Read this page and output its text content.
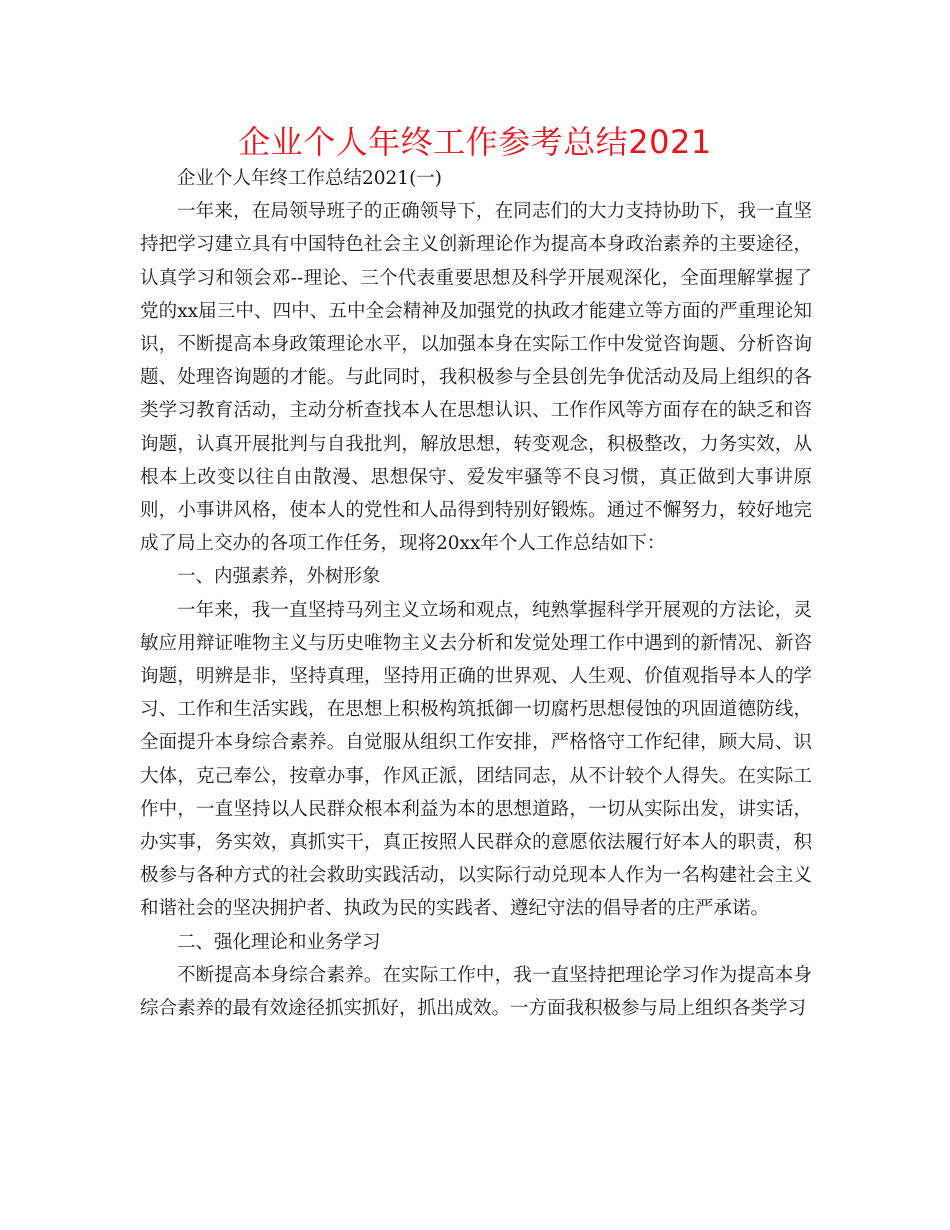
企业个人年终工作参考总结2021

企业个人年终工作总结2021(一)

一年来，在局领导班子的正确领导下，在同志们的大力支持协助下，我一直坚持把学习建立具有中国特色社会主义创新理论作为提高本身政治素养的主要途径，认真学习和领会邓--理论、三个代表重要思想及科学开展观深化，全面理解掌握了党的xx届三中、四中、五中全会精神及加强党的执政才能建立等方面的严重理论知识，不断提高本身政策理论水平，以加强本身在实际工作中发觉咨询题、分析咨询题、处理咨询题的才能。与此同时，我积极参与全县创先争优活动及局上组织的各类学习教育活动，主动分析查找本人在思想认识、工作作风等方面存在的缺乏和咨询题，认真开展批判与自我批判，解放思想，转变观念，积极整改，力务实效，从根本上改变以往自由散漫、思想保守、爱发牢骚等不良习惯，真正做到大事讲原则，小事讲风格，使本人的党性和人品得到特别好锻炼。通过不懈努力，较好地完成了局上交办的各项工作任务，现将20xx年个人工作总结如下：

一、内强素养，外树形象

一年来，我一直坚持马列主义立场和观点，纯熟掌握科学开展观的方法论，灵敏应用辩证唯物主义与历史唯物主义去分析和发觉处理工作中遇到的新情况、新咨询题，明辨是非，坚持真理，坚持用正确的世界观、人生观、价值观指导本人的学习、工作和生活实践，在思想上积极构筑抵御一切腐朽思想侵蚀的巩固道德防线，全面提升本身综合素养。自觉服从组织工作安排，严格恪守工作纪律，顾大局、识大体，克己奉公，按章办事，作风正派，团结同志，从不计较个人得失。在实际工作中，一直坚持以人民群众根本利益为本的思想道路，一切从实际出发，讲实话，办实事，务实效，真抓实干，真正按照人民群众的意愿依法履行好本人的职责，积极参与各种方式的社会救助实践活动，以实际行动兑现本人作为一名构建社会主义和谐社会的坚决拥护者、执政为民的实践者、遵纪守法的倡导者的庄严承诺。

二、强化理论和业务学习

不断提高本身综合素养。在实际工作中，我一直坚持把理论学习作为提高本身综合素养的最有效途径抓实抓好，抓出成效。一方面我积极参与局上组织各类学习
